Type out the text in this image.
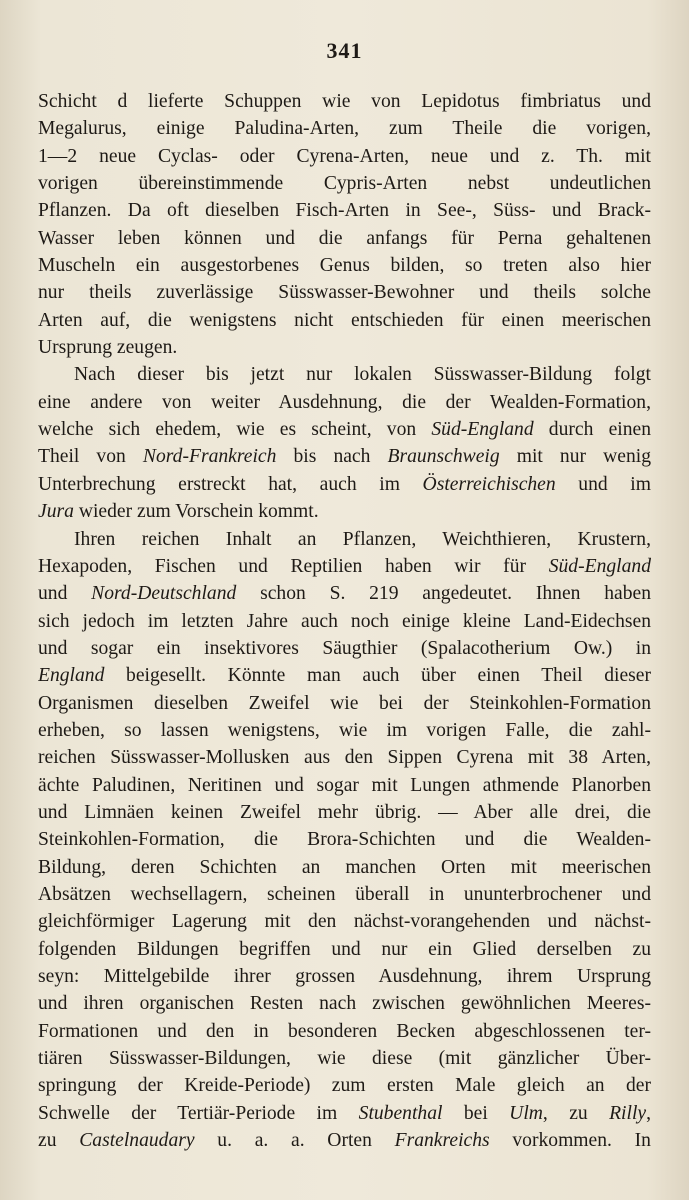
341
Schicht d lieferte Schuppen wie von Lepidotus fimbriatus und
Megalurus, einige Paludina-Arten, zum Theile die vorigen,
1—2 neue Cyclas- oder Cyrena-Arten, neue und z. Th. mit
vorigen übereinstimmende Cypris-Arten nebst undeutlichen
Pflanzen. Da oft dieselben Fisch-Arten in See-, Süss- und Brack-
Wasser leben können und die anfangs für Perna gehaltenen
Muscheln ein ausgestorbenes Genus bilden, so treten also hier
nur theils zuverlässige Süsswasser-Bewohner und theils solche
Arten auf, die wenigstens nicht entschieden für einen meerischen
Ursprung zeugen.
Nach dieser bis jetzt nur lokalen Süsswasser-Bildung folgt
eine andere von weiter Ausdehnung, die der Wealden-Formation,
welche sich ehedem, wie es scheint, von Süd-England durch einen
Theil von Nord-Frankreich bis nach Braunschweig mit nur wenig
Unterbrechung erstreckt hat, auch im Österreichischen und im
Jura wieder zum Vorschein kommt.
Ihren reichen Inhalt an Pflanzen, Weichthieren, Krustern,
Hexapoden, Fischen und Reptilien haben wir für Süd-England
und Nord-Deutschland schon S. 219 angedeutet. Ihnen haben
sich jedoch im letzten Jahre auch noch einige kleine Land-Eidechsen
und sogar ein insektivores Säugthier (Spalacotherium Ow.) in
England beigesellt. Könnte man auch über einen Theil dieser
Organismen dieselben Zweifel wie bei der Steinkohlen-Formation
erheben, so lassen wenigstens, wie im vorigen Falle, die zahl-
reichen Süsswasser-Mollusken aus den Sippen Cyrena mit 38 Arten,
ächte Paludinen, Neritinen und sogar mit Lungen athmende Planorben
und Limnäen keinen Zweifel mehr übrig. — Aber alle drei, die
Steinkohlen-Formation, die Brora-Schichten und die Wealden-
Bildung, deren Schichten an manchen Orten mit meerischen
Absätzen wechsellagern, scheinen überall in ununterbrochener und
gleichförmiger Lagerung mit den nächst-vorangehenden und nächst-
folgenden Bildungen begriffen und nur ein Glied derselben zu
seyn: Mittelgebilde ihrer grossen Ausdehnung, ihrem Ursprung
und ihren organischen Resten nach zwischen gewöhnlichen Meeres-
Formationen und den in besonderen Becken abgeschlossenen ter-
tiären Süsswasser-Bildungen, wie diese (mit gänzlicher Über-
springung der Kreide-Periode) zum ersten Male gleich an der
Schwelle der Tertiär-Periode im Stubenthal bei Ulm, zu Rilly,
zu Castelnaudary u. a. a. Orten Frankreichs vorkommen. In
